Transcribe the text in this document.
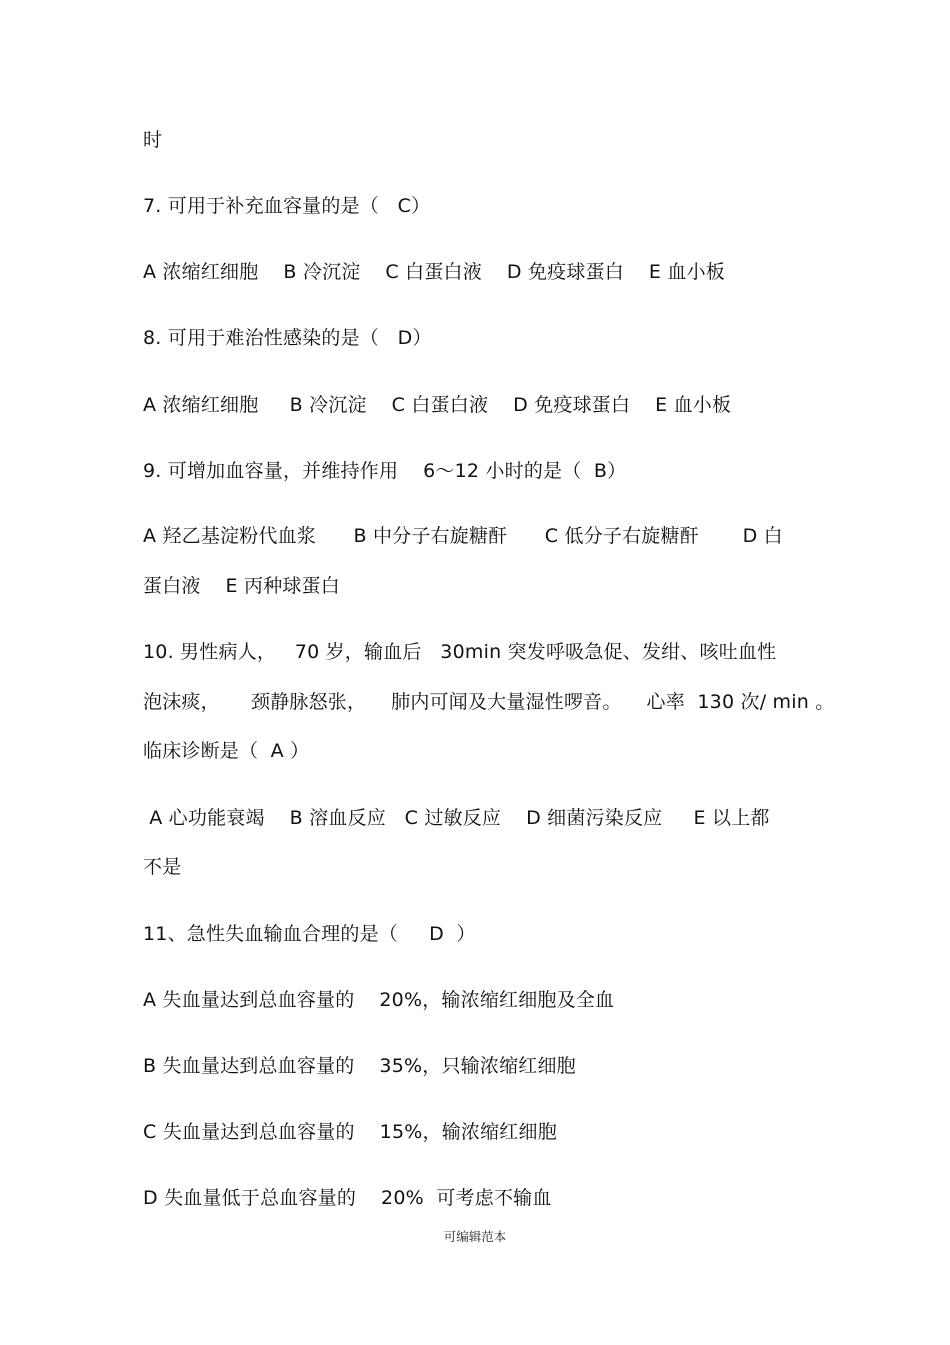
时
7. 可用于补充血容量的是（   C）
A 浓缩红细胞    B 冷沉淀    C 白蛋白液    D 免疫球蛋白    E 血小板
8. 可用于难治性感染的是（   D）
A 浓缩红细胞     B 冷沉淀    C 白蛋白液    D 免疫球蛋白    E 血小板
9. 可增加血容量，并维持作用    6～12 小时的是（  B）
A 羟乙基淀粉代血浆      B 中分子右旋糖酐      C 低分子右旋糖酐       D 白
蛋白液    E 丙种球蛋白
10. 男性病人，   70 岁，输血后   30min 突发呼吸急促、发绀、咳吐血性
泡沫痰，     颈静脉怒张，    肺内可闻及大量湿性啰音。    心率  130 次/ min 。
临床诊断是（  A ）
A 心功能衰竭    B 溶血反应   C 过敏反应    D 细菌污染反应     E 以上都
不是
11、急性失血输血合理的是（     D  ）
A 失血量达到总血容量的    20%，输浓缩红细胞及全血
B 失血量达到总血容量的    35%，只输浓缩红细胞
C 失血量达到总血容量的    15%，输浓缩红细胞
D 失血量低于总血容量的    20%  可考虑不输血
可编辑范本
